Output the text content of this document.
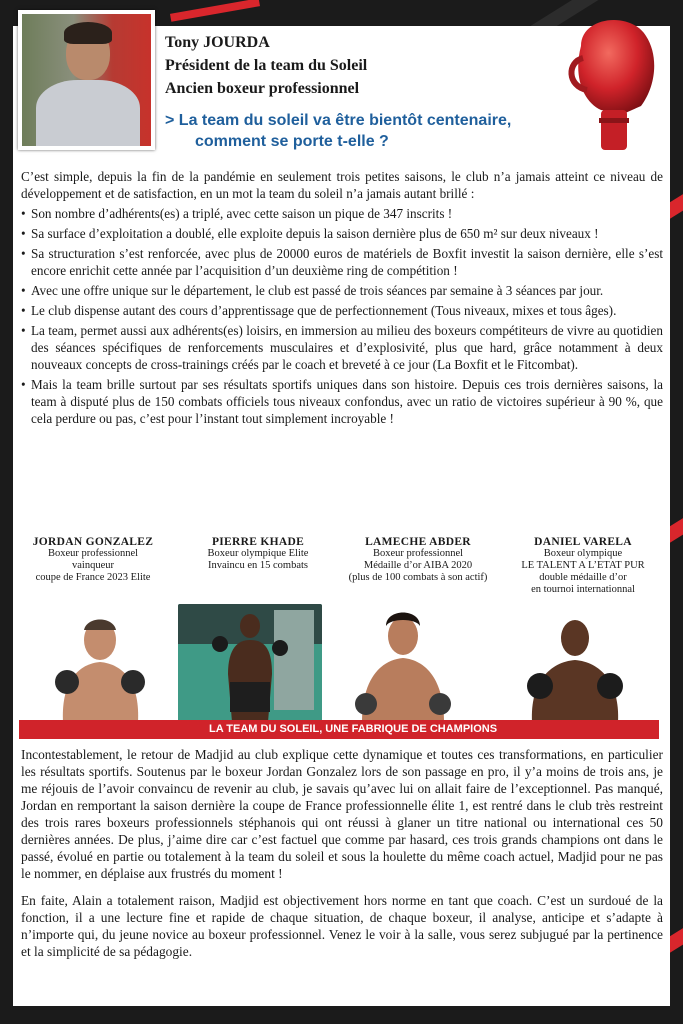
Tony JOURDA
Président de la team du Soleil
Ancien boxeur professionnel
> La team du soleil va être bientôt centenaire,
comment se porte t-elle ?

C’est simple, depuis la fin de la pandémie en seulement trois petites saisons, le club n’a jamais atteint ce niveau de développement et de satisfaction, en un mot la team du soleil n’a jamais autant brillé :

• Son nombre d’adhérents(es) a triplé, avec cette saison un pique de 347 inscrits !
• Sa surface d’exploitation a doublé, elle exploite depuis la saison dernière plus de 650 m² sur deux niveaux !
• Sa structuration s’est renforcée, avec plus de 20000 euros de matériels de Boxfit investit la saison dernière, elle s’est encore enrichit cette année par l’acquisition d’un deuxième ring de compétition !
• Avec une offre unique sur le département, le club est passé de trois séances par semaine à 3 séances par jour.
• Le club dispense autant des cours d’apprentissage que de perfectionnement (Tous niveaux, mixes et tous âges).
• La team, permet aussi aux adhérents(es) loisirs, en immersion au milieu des boxeurs compétiteurs de vivre au quotidien des séances spécifiques de renforcements musculaires et d’explosivité, plus que hard, grâce notamment à deux nouveaux concepts de cross-trainings créés par le coach et breveté à ce jour (La Boxfit et le Fitcombat).
• Mais la team brille surtout par ses résultats sportifs uniques dans son histoire. Depuis ces trois dernières saisons, la team à disputé plus de 150 combats officiels tous niveaux confondus, avec un ratio de victoires supérieur à 90 %, que cela perdure ou pas, c’est pour l’instant tout simplement incroyable !
JORDAN GONZALEZ
Boxeur professionnel
vainqueur
coupe de France 2023 Elite
PIERRE KHADE
Boxeur olympique Elite
Invaincu en 15 combats
LAMECHE ABDER
Boxeur professionnel
Médaille d’or AIBA 2020
(plus de 100 combats à son actif)
DANIEL VARELA
Boxeur olympique
LE TALENT A L’ETAT PUR
double médaille d’or
en tournoi internationnal
LA TEAM DU SOLEIL, UNE FABRIQUE DE CHAMPIONS

Incontestablement, le retour de Madjid au club explique cette dynamique et toutes ces transformations, en particulier les résultats sportifs. Soutenus par le boxeur Jordan Gonzalez lors de son passage en pro, il y’a moins de trois ans, je me réjouis de l’avoir convaincu de revenir au club, je savais qu’avec lui on allait faire de l’exceptionnel. Pas manqué, Jordan en remportant la saison dernière la coupe de France professionnelle élite 1, est rentré dans le club très restreint des trois rares boxeurs professionnels stéphanois qui ont réussi à glaner un titre national ou international ces 50 dernières années. De plus, j’aime dire car c’est factuel que comme par hasard, ces trois grands champions ont dans le passé, évolué en partie ou totalement à la team du soleil et sous la houlette du même coach actuel, Madjid pour ne pas le nommer, en déplaise aux frustrés du moment !

En faite, Alain a totalement raison, Madjid est objectivement hors norme en tant que coach. C’est un surdoué de la fonction, il a une lecture fine et rapide de chaque situation, de chaque boxeur, il analyse, anticipe et s’adapte à n’importe qui, du jeune novice au boxeur professionnel. Venez le voir à la salle, vous serez subjugué par la pertinence et la simplicité de sa pédagogie.
